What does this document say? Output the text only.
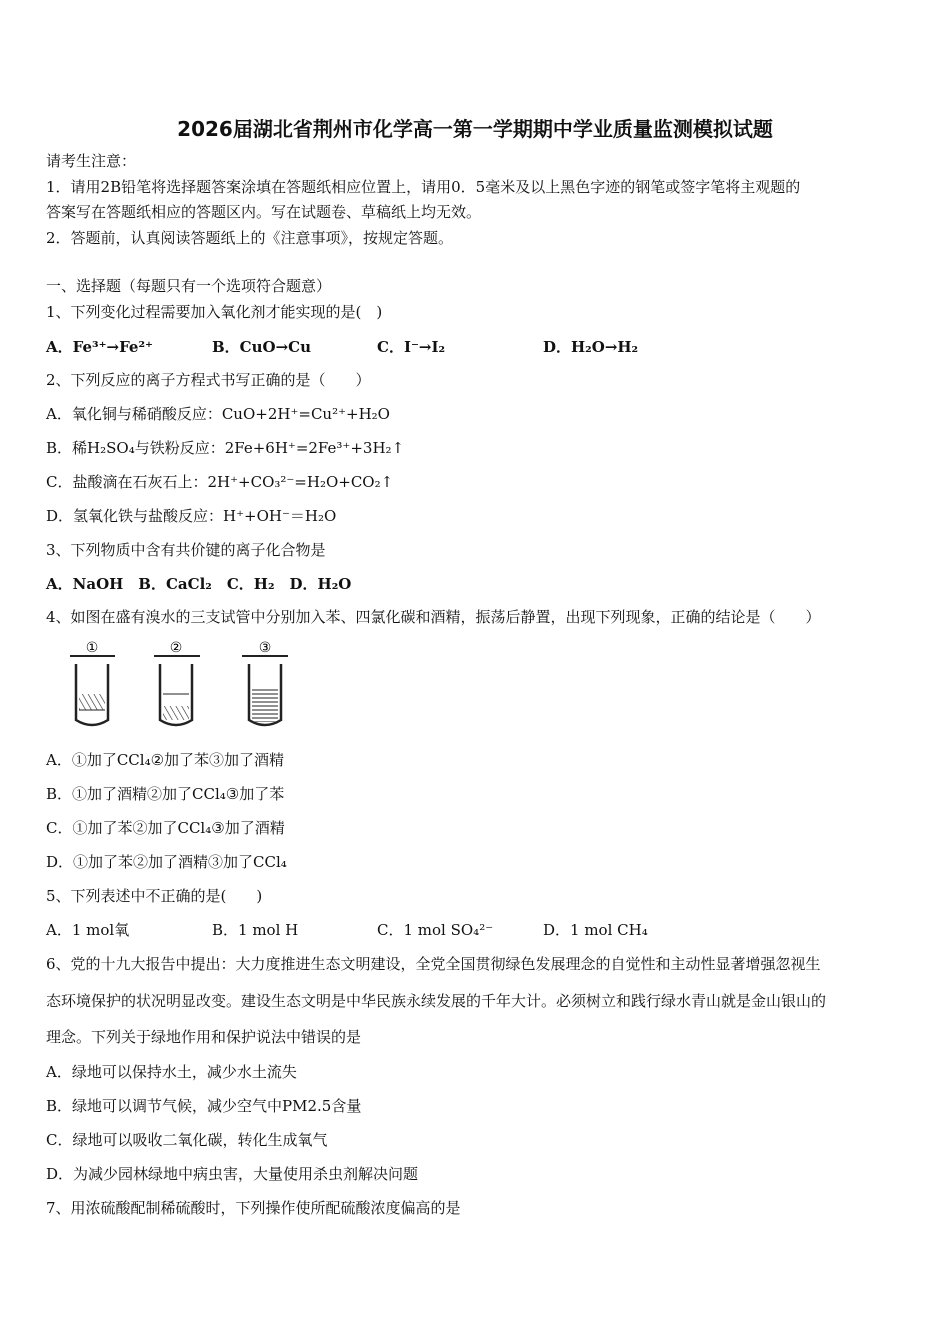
2026届湖北省荆州市化学高一第一学期期中学业质量监测模拟试题
请考生注意：
1．请用2B铅笔将选择题答案涂填在答题纸相应位置上，请用0．5毫米及以上黑色字迹的钢笔或签字笔将主观题的
答案写在答题纸相应的答题区内。写在试题卷、草稿纸上均无效。
2．答题前，认真阅读答题纸上的《注意事项》，按规定答题。
一、选择题（每题只有一个选项符合题意）
1、下列变化过程需要加入氧化剂才能实现的是(　)
A．Fe³⁺→Fe²⁺	B．CuO→Cu	C．I⁻→I₂	D．H₂O→H₂
2、下列反应的离子方程式书写正确的是（　　）
A．氧化铜与稀硝酸反应：CuO+2H⁺=Cu²⁺+H₂O
B．稀H₂SO₄与铁粉反应：2Fe+6H⁺=2Fe³⁺+3H₂↑
C．盐酸滴在石灰石上：2H⁺+CO₃²⁻=H₂O+CO₂↑
D．氢氧化铁与盐酸反应：H⁺+OH⁻＝H₂O
3、下列物质中含有共价键的离子化合物是
A．NaOH　B．CaCl₂　C．H₂　D．H₂O
4、如图在盛有溴水的三支试管中分别加入苯、四氯化碳和酒精，振荡后静置，出现下列现象，正确的结论是（　　）
①	②	③
A．①加了CCl₄②加了苯③加了酒精
B．①加了酒精②加了CCl₄③加了苯
C．①加了苯②加了CCl₄③加了酒精
D．①加了苯②加了酒精③加了CCl₄
5、下列表述中不正确的是(　　)
A．1 mol氧	B．1 mol H	C．1 mol SO₄²⁻	D．1 mol CH₄
6、党的十九大报告中提出：大力度推进生态文明建设，全党全国贯彻绿色发展理念的自觉性和主动性显著增强忽视生
态环境保护的状况明显改变。建设生态文明是中华民族永续发展的千年大计。必须树立和践行绿水青山就是金山银山的
理念。下列关于绿地作用和保护说法中错误的是
A．绿地可以保持水土，减少水土流失
B．绿地可以调节气候，减少空气中PM2.5含量
C．绿地可以吸收二氧化碳，转化生成氧气
D．为减少园林绿地中病虫害，大量使用杀虫剂解决问题
7、用浓硫酸配制稀硫酸时，下列操作使所配硫酸浓度偏高的是
